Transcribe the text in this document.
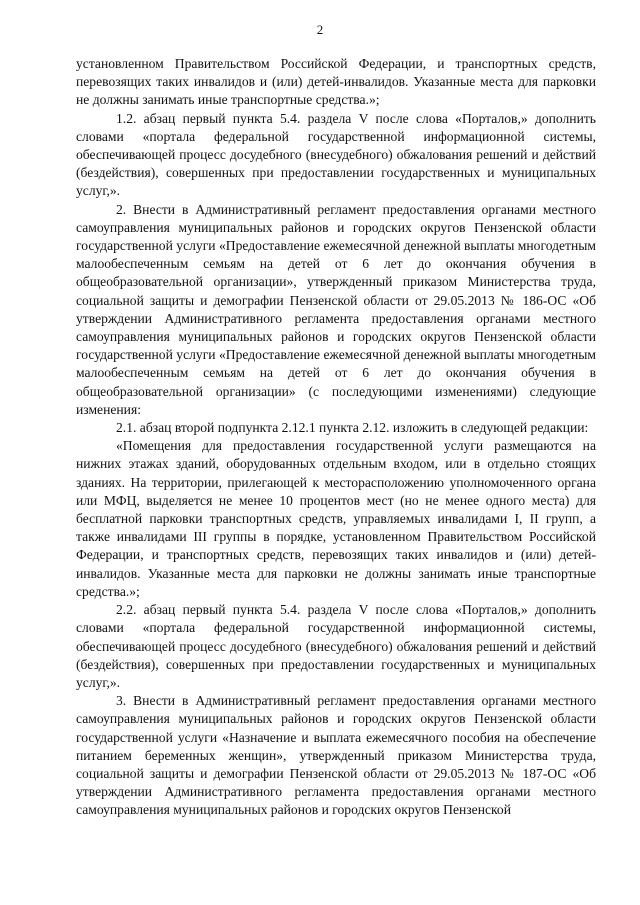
2

установленном Правительством Российской Федерации, и транспортных средств, перевозящих таких инвалидов и (или) детей-инвалидов. Указанные места для парковки не должны занимать иные транспортные средства.»;

1.2. абзац первый пункта 5.4. раздела V после слова «Порталов,» дополнить словами «портала федеральной государственной информационной системы, обеспечивающей процесс досудебного (внесудебного) обжалования решений и действий (бездействия), совершенных при предоставлении государственных и муниципальных услуг,».

2. Внести в Административный регламент предоставления органами местного самоуправления муниципальных районов и городских округов Пензенской области государственной услуги «Предоставление ежемесячной денежной выплаты многодетным малообеспеченным семьям на детей от 6 лет до окончания обучения в общеобразовательной организации», утвержденный приказом Министерства труда, социальной защиты и демографии Пензенской области от 29.05.2013 № 186-ОС «Об утверждении Административного регламента предоставления органами местного самоуправления муниципальных районов и городских округов Пензенской области государственной услуги «Предоставление ежемесячной денежной выплаты многодетным малообеспеченным семьям на детей от 6 лет до окончания обучения в общеобразовательной организации» (с последующими изменениями) следующие изменения:

2.1. абзац второй подпункта 2.12.1 пункта 2.12. изложить в следующей редакции:

«Помещения для предоставления государственной услуги размещаются на нижних этажах зданий, оборудованных отдельным входом, или в отдельно стоящих зданиях. На территории, прилегающей к месторасположению уполномоченного органа или МФЦ, выделяется не менее 10 процентов мест (но не менее одного места) для бесплатной парковки транспортных средств, управляемых инвалидами I, II групп, а также инвалидами III группы в порядке, установленном Правительством Российской Федерации, и транспортных средств, перевозящих таких инвалидов и (или) детей-инвалидов. Указанные места для парковки не должны занимать иные транспортные средства.»;

2.2. абзац первый пункта 5.4. раздела V после слова «Порталов,» дополнить словами «портала федеральной государственной информационной системы, обеспечивающей процесс досудебного (внесудебного) обжалования решений и действий (бездействия), совершенных при предоставлении государственных и муниципальных услуг,».

3. Внести в Административный регламент предоставления органами местного самоуправления муниципальных районов и городских округов Пензенской области государственной услуги «Назначение и выплата ежемесячного пособия на обеспечение питанием беременных женщин», утвержденный приказом Министерства труда, социальной защиты и демографии Пензенской области от 29.05.2013 № 187-ОС «Об утверждении Административного регламента предоставления органами местного самоуправления муниципальных районов и городских округов Пензенской
